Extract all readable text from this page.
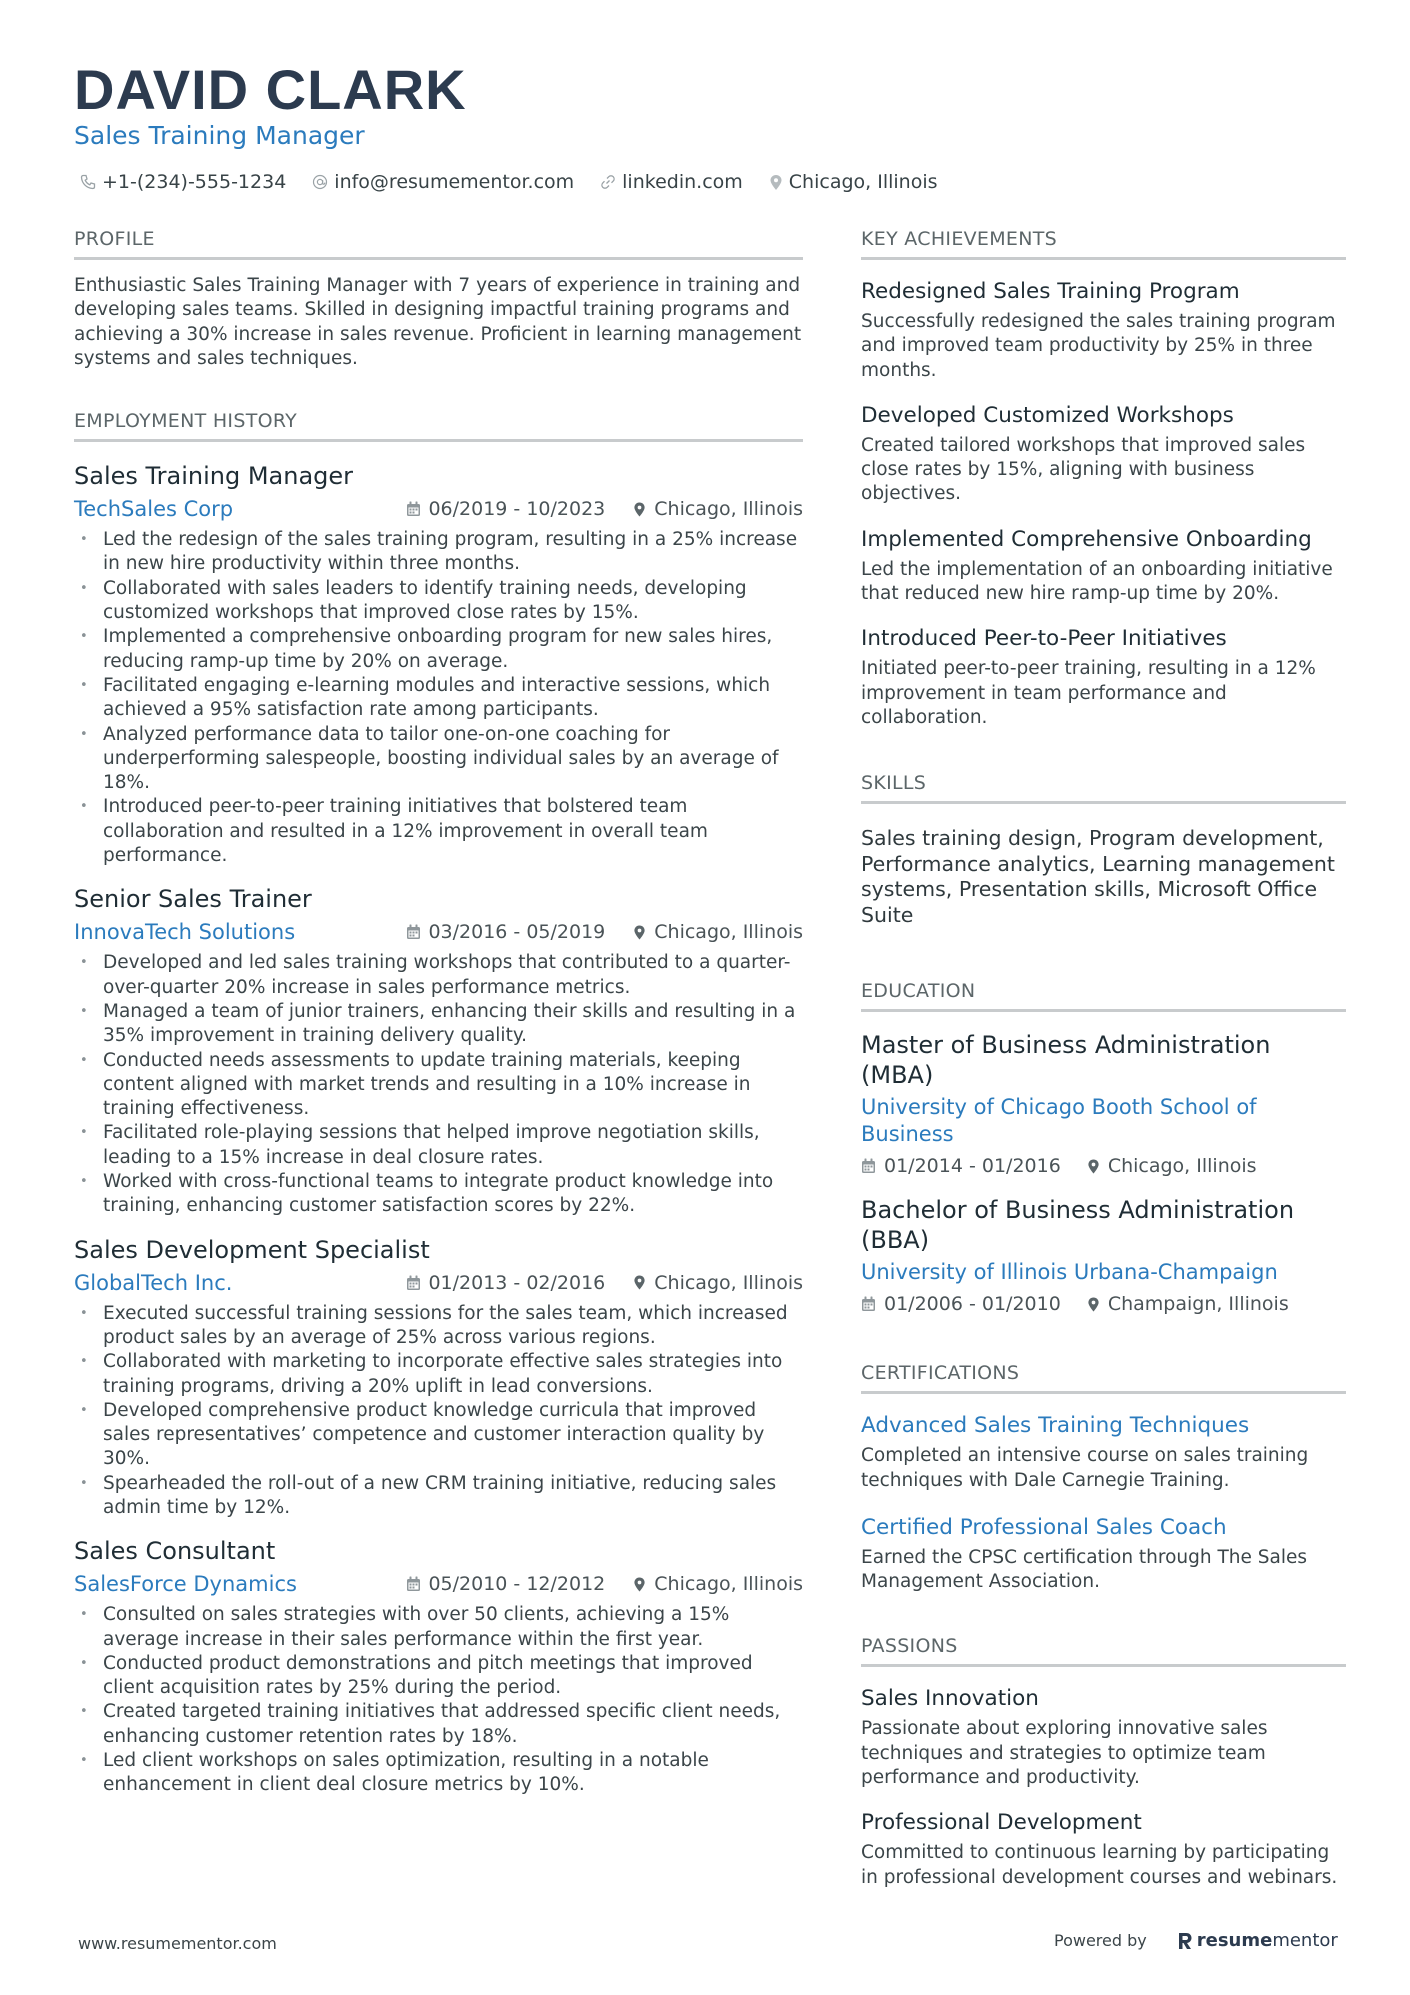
DAVID CLARK
Sales Training Manager
+1-(234)-555-1234	info@resumementor.com	linkedin.com Chicago, Illinois
PROFILE
Enthusiastic Sales Training Manager with 7 years of experience in training and developing sales teams. Skilled in designing impactful training programs and achieving a 30% increase in sales revenue. Proficient in learning management systems and sales techniques.
EMPLOYMENT HISTORY
Sales Training Manager
TechSales Corp	06/2019 - 10/2023	Chicago, Illinois
• Led the redesign of the sales training program, resulting in a 25% increase in new hire productivity within three months.
• Collaborated with sales leaders to identify training needs, developing customized workshops that improved close rates by 15%.
• Implemented a comprehensive onboarding program for new sales hires, reducing ramp-up time by 20% on average.
• Facilitated engaging e-learning modules and interactive sessions, which achieved a 95% satisfaction rate among participants.
• Analyzed performance data to tailor one-on-one coaching for underperforming salespeople, boosting individual sales by an average of 18%.
• Introduced peer-to-peer training initiatives that bolstered team collaboration and resulted in a 12% improvement in overall team performance.
Senior Sales Trainer
InnovaTech Solutions	03/2016 - 05/2019	Chicago, Illinois
• Developed and led sales training workshops that contributed to a quarter-over-quarter 20% increase in sales performance metrics.
• Managed a team of junior trainers, enhancing their skills and resulting in a 35% improvement in training delivery quality.
• Conducted needs assessments to update training materials, keeping content aligned with market trends and resulting in a 10% increase in training effectiveness.
• Facilitated role-playing sessions that helped improve negotiation skills, leading to a 15% increase in deal closure rates.
• Worked with cross-functional teams to integrate product knowledge into training, enhancing customer satisfaction scores by 22%.
Sales Development Specialist
GlobalTech Inc.	01/2013 - 02/2016	Chicago, Illinois
• Executed successful training sessions for the sales team, which increased product sales by an average of 25% across various regions.
• Collaborated with marketing to incorporate effective sales strategies into training programs, driving a 20% uplift in lead conversions.
• Developed comprehensive product knowledge curricula that improved sales representatives’ competence and customer interaction quality by 30%.
• Spearheaded the roll-out of a new CRM training initiative, reducing sales admin time by 12%.
Sales Consultant
SalesForce Dynamics	05/2010 - 12/2012	Chicago, Illinois
• Consulted on sales strategies with over 50 clients, achieving a 15% average increase in their sales performance within the first year.
• Conducted product demonstrations and pitch meetings that improved client acquisition rates by 25% during the period.
• Created targeted training initiatives that addressed specific client needs, enhancing customer retention rates by 18%.
• Led client workshops on sales optimization, resulting in a notable enhancement in client deal closure metrics by 10%.
KEY ACHIEVEMENTS
Redesigned Sales Training Program
Successfully redesigned the sales training program and improved team productivity by 25% in three months.
Developed Customized Workshops
Created tailored workshops that improved sales close rates by 15%, aligning with business objectives.
Implemented Comprehensive Onboarding
Led the implementation of an onboarding initiative that reduced new hire ramp-up time by 20%.
Introduced Peer-to-Peer Initiatives
Initiated peer-to-peer training, resulting in a 12% improvement in team performance and collaboration.
SKILLS
Sales training design, Program development, Performance analytics, Learning management systems, Presentation skills, Microsoft Office Suite
EDUCATION
Master of Business Administration (MBA)
University of Chicago Booth School of Business
01/2014 - 01/2016 Chicago, Illinois
Bachelor of Business Administration (BBA)
University of Illinois Urbana-Champaign
01/2006 - 01/2010 Champaign, Illinois
CERTIFICATIONS
Advanced Sales Training Techniques
Completed an intensive course on sales training techniques with Dale Carnegie Training.
Certified Professional Sales Coach
Earned the CPSC certification through The Sales Management Association.
PASSIONS
Sales Innovation
Passionate about exploring innovative sales techniques and strategies to optimize team performance and productivity.
Professional Development
Committed to continuous learning by participating in professional development courses and webinars.
www.resumementor.com	Powered by	resume mentor
